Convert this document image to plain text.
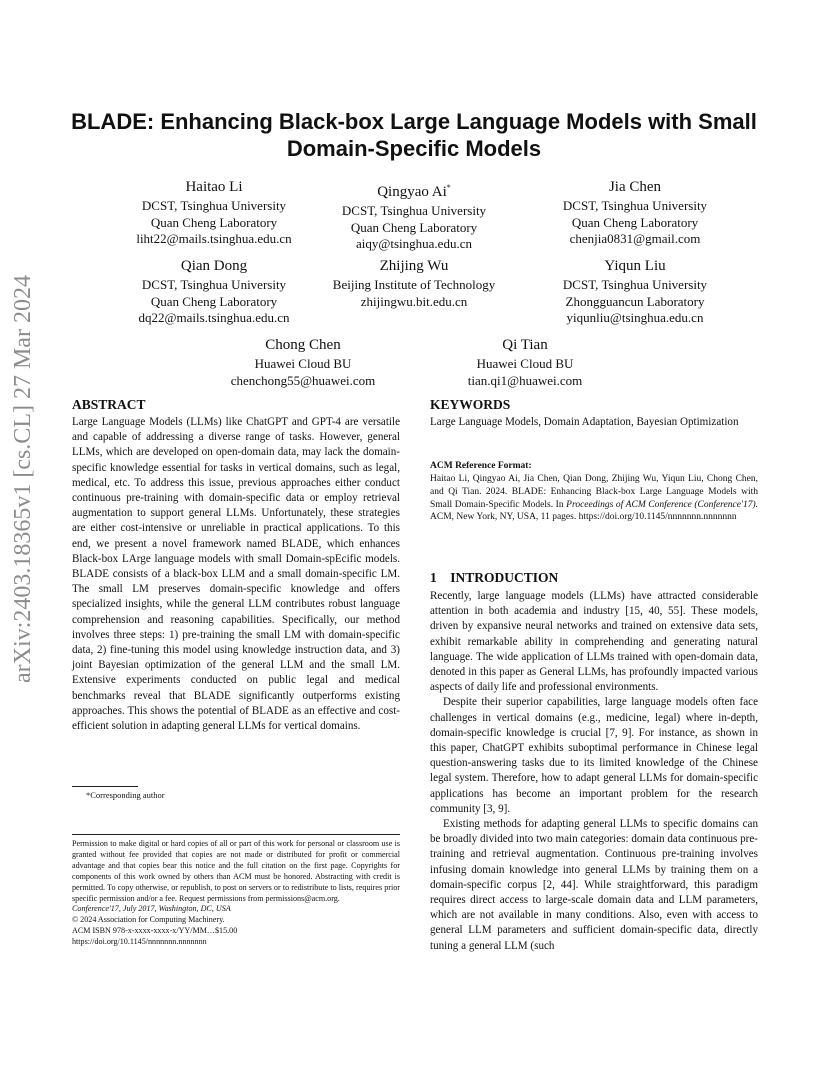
arXiv:2403.18365v1 [cs.CL] 27 Mar 2024
BLADE: Enhancing Black-box Large Language Models with Small
Domain-Specific Models
Haitao Li
DCST, Tsinghua University
Quan Cheng Laboratory
liht22@mails.tsinghua.edu.cn
Qingyao Ai*
DCST, Tsinghua University
Quan Cheng Laboratory
aiqy@tsinghua.edu.cn
Jia Chen
DCST, Tsinghua University
Quan Cheng Laboratory
chenjia0831@gmail.com
Qian Dong
DCST, Tsinghua University
Quan Cheng Laboratory
dq22@mails.tsinghua.edu.cn
Zhijing Wu
Beijing Institute of Technology
zhijingwu.bit.edu.cn
Yiqun Liu
DCST, Tsinghua University
Zhongguancun Laboratory
yiqunliu@tsinghua.edu.cn
Chong Chen
Huawei Cloud BU
chenchong55@huawei.com
Qi Tian
Huawei Cloud BU
tian.qi1@huawei.com

ABSTRACT

Large Language Models (LLMs) like ChatGPT and GPT-4 are versatile and capable of addressing a diverse range of tasks. However, general LLMs, which are developed on open-domain data, may lack the domain-specific knowledge essential for tasks in vertical domains, such as legal, medical, etc. To address this issue, previous approaches either conduct continuous pre-training with domain-specific data or employ retrieval augmentation to support general LLMs. Unfortunately, these strategies are either cost-intensive or unreliable in practical applications. To this end, we present a novel framework named BLADE, which enhances Black-box LArge language models with small Domain-spEcific models. BLADE consists of a black-box LLM and a small domain-specific LM. The small LM preserves domain-specific knowledge and offers specialized insights, while the general LLM contributes robust language comprehension and reasoning capabilities. Specifically, our method involves three steps: 1) pre-training the small LM with domain-specific data, 2) fine-tuning this model using knowledge instruction data, and 3) joint Bayesian optimization of the general LLM and the small LM. Extensive experiments conducted on public legal and medical benchmarks reveal that BLADE significantly outperforms existing approaches. This shows the potential of BLADE as an effective and cost-efficient solution in adapting general LLMs for vertical domains.

*Corresponding author

Permission to make digital or hard copies of all or part of this work for personal or classroom use is granted without fee provided that copies are not made or distributed for profit or commercial advantage and that copies bear this notice and the full citation on the first page. Copyrights for components of this work owned by others than ACM must be honored. Abstracting with credit is permitted. To copy otherwise, or republish, to post on servers or to redistribute to lists, requires prior specific permission and/or a fee. Request permissions from permissions@acm.org.

Conference'17, July 2017, Washington, DC, USA

© 2024 Association for Computing Machinery.

ACM ISBN 978-x-xxxx-xxxx-x/YY/MM…$15.00

https://doi.org/10.1145/nnnnnnn.nnnnnnn

KEYWORDS

Large Language Models, Domain Adaptation, Bayesian Optimization

ACM Reference Format:

Haitao Li, Qingyao Ai, Jia Chen, Qian Dong, Zhijing Wu, Yiqun Liu, Chong Chen, and Qi Tian. 2024. BLADE: Enhancing Black-box Large Language Models with Small Domain-Specific Models. In Proceedings of ACM Conference (Conference'17). ACM, New York, NY, USA, 11 pages. https://doi.org/10.1145/nnnnnnn.nnnnnnn

1    INTRODUCTION

Recently, large language models (LLMs) have attracted considerable attention in both academia and industry [15, 40, 55]. These models, driven by expansive neural networks and trained on extensive data sets, exhibit remarkable ability in comprehending and generating natural language. The wide application of LLMs trained with open-domain data, denoted in this paper as General LLMs, has profoundly impacted various aspects of daily life and professional environments.

Despite their superior capabilities, large language models often face challenges in vertical domains (e.g., medicine, legal) where in-depth, domain-specific knowledge is crucial [7, 9]. For instance, as shown in this paper, ChatGPT exhibits suboptimal performance in Chinese legal question-answering tasks due to its limited knowledge of the Chinese legal system. Therefore, how to adapt general LLMs for domain-specific applications has become an important problem for the research community [3, 9].

Existing methods for adapting general LLMs to specific domains can be broadly divided into two main categories: domain data continuous pre-training and retrieval augmentation. Continuous pre-training involves infusing domain knowledge into general LLMs by training them on a domain-specific corpus [2, 44]. While straightforward, this paradigm requires direct access to large-scale domain data and LLM parameters, which are not available in many conditions. Also, even with access to general LLM parameters and sufficient domain-specific data, directly tuning a general LLM (such
